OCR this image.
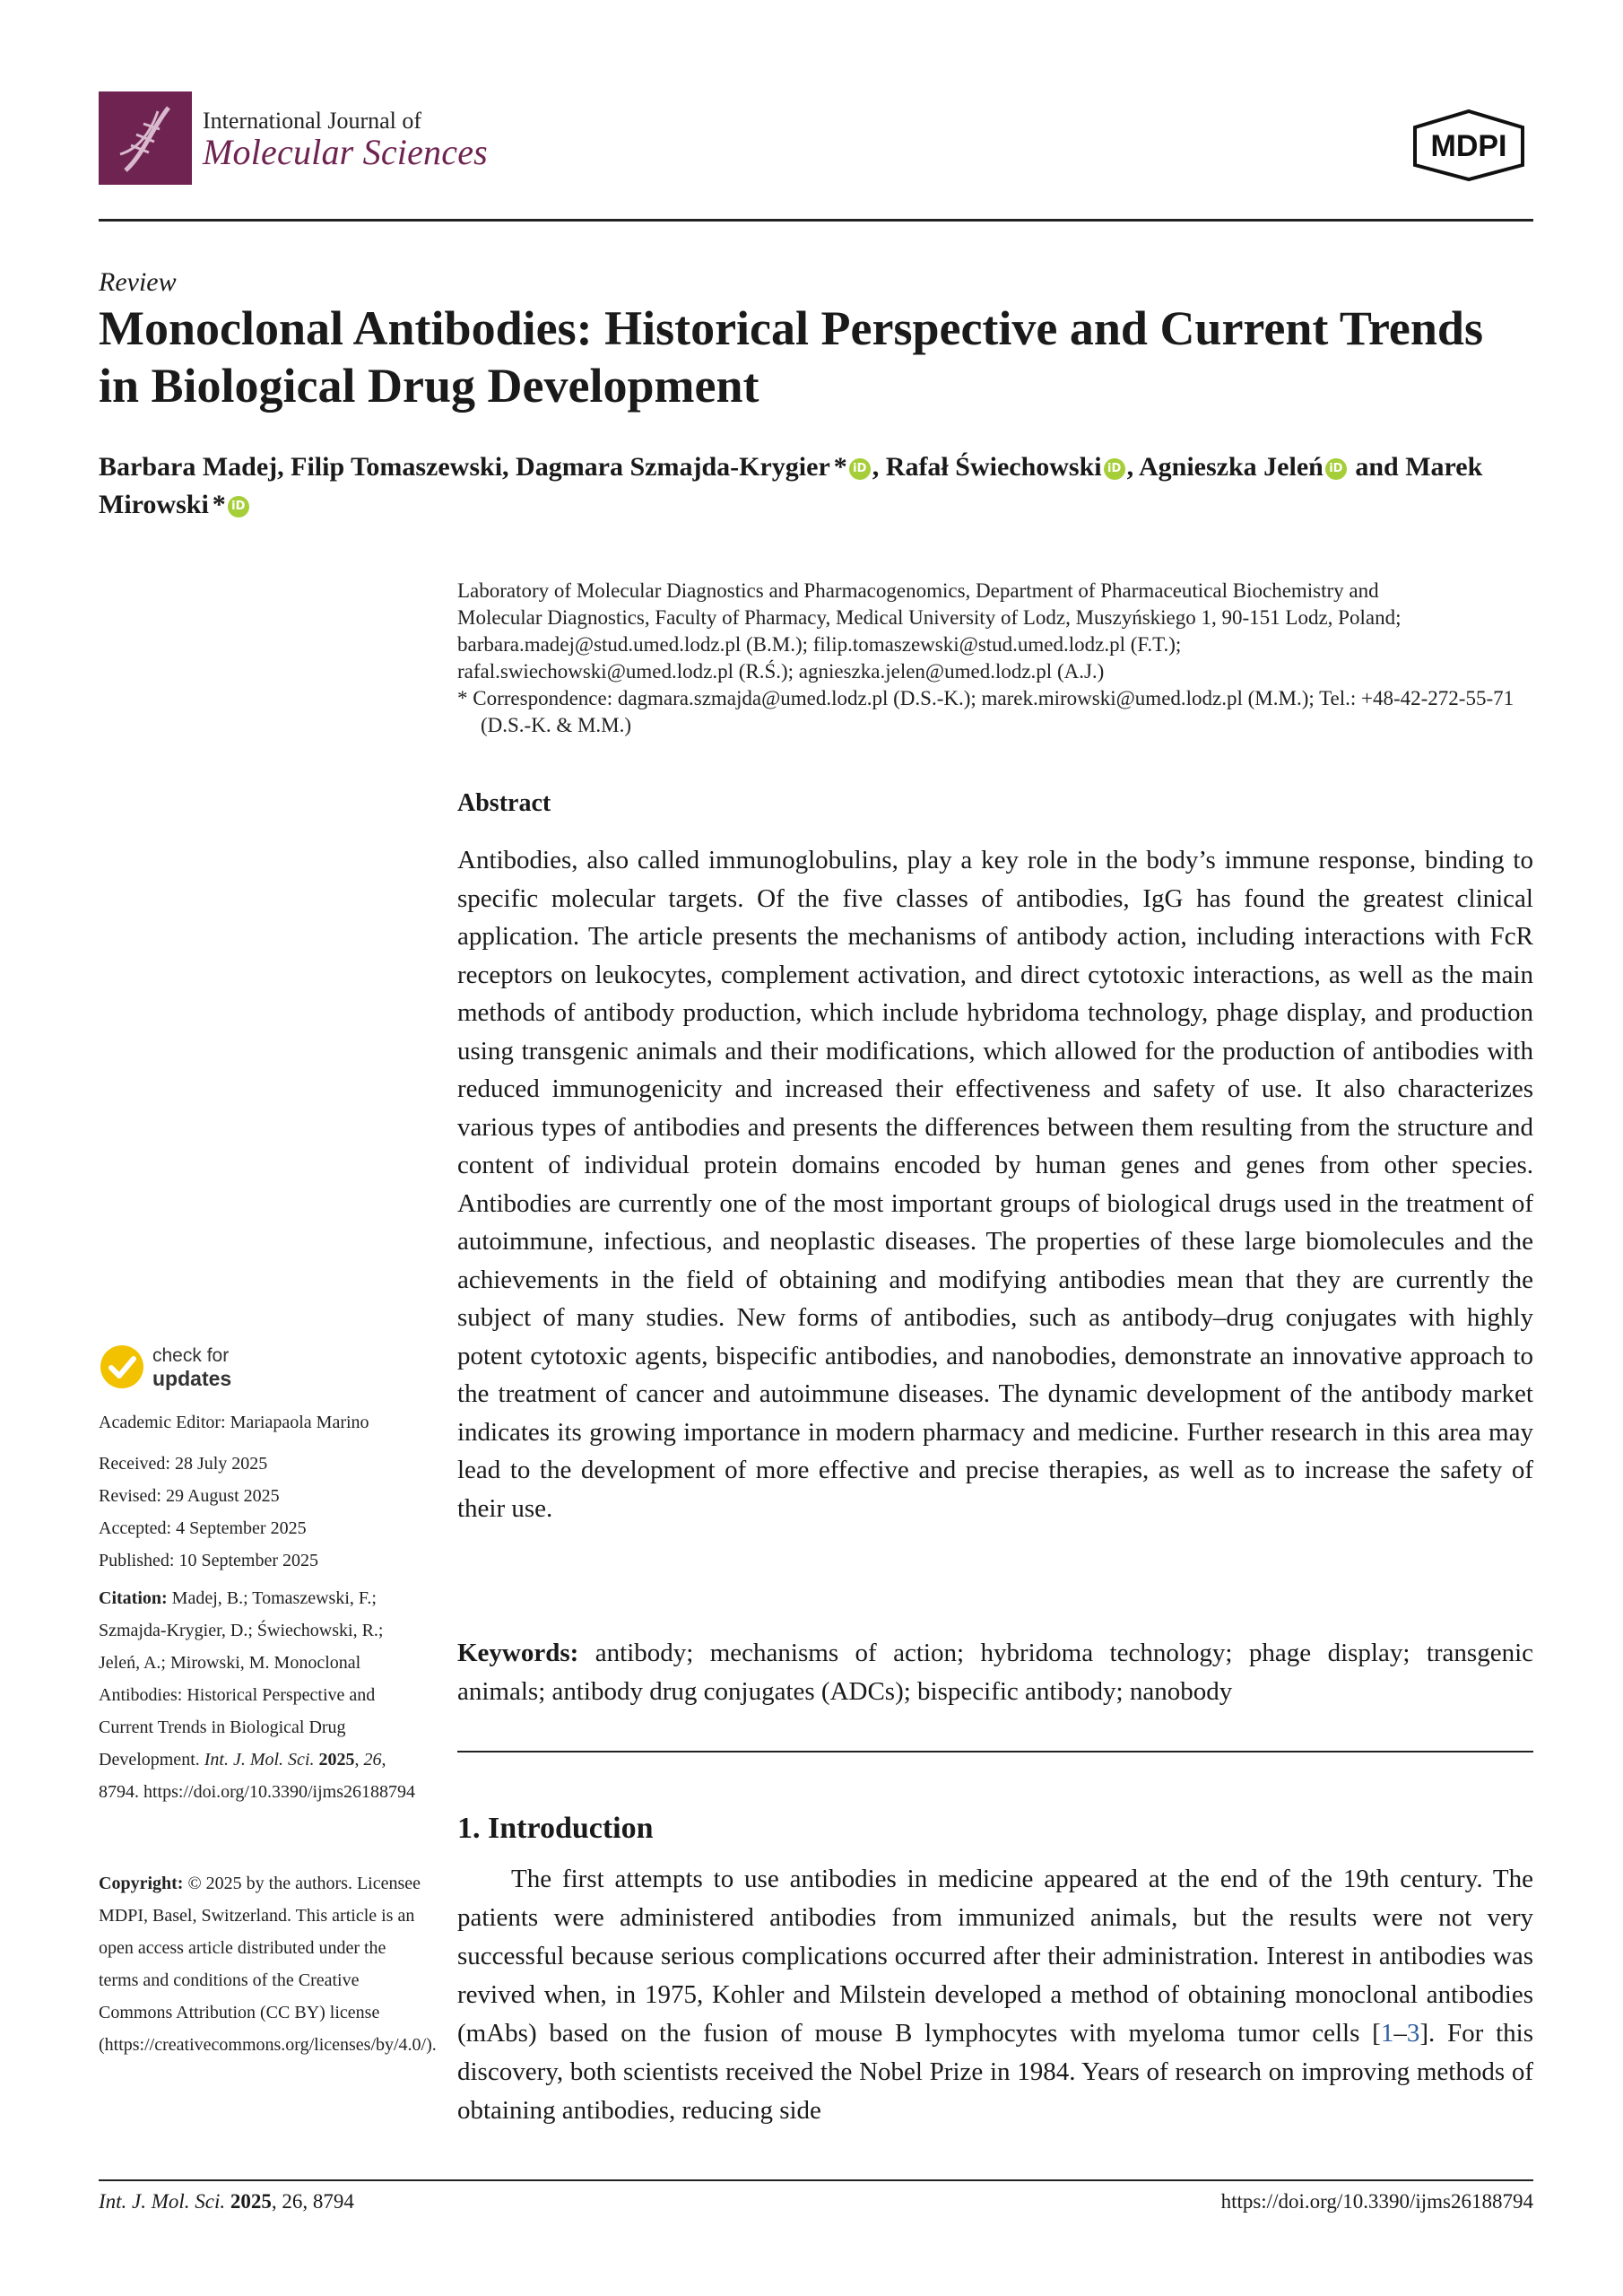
International Journal of
Molecular Sciences	MDPI
Review
Monoclonal Antibodies: Historical Perspective and Current Trends in Biological Drug Development
Barbara Madej, Filip Tomaszewski, Dagmara Szmajda-Krygier * iD , Rafał Świechowski iD , Agnieszka Jeleń iD and Marek Mirowski * iD
Laboratory of Molecular Diagnostics and Pharmacogenomics, Department of Pharmaceutical Biochemistry and
Molecular Diagnostics, Faculty of Pharmacy, Medical University of Lodz, Muszyńskiego 1, 90-151 Lodz, Poland;
barbara.madej@stud.umed.lodz.pl (B.M.); filip.tomaszewski@stud.umed.lodz.pl (F.T.);
rafal.swiechowski@umed.lodz.pl (R.Ś.); agnieszka.jelen@umed.lodz.pl (A.J.)
* Correspondence: dagmara.szmajda@umed.lodz.pl (D.S.-K.); marek.mirowski@umed.lodz.pl (M.M.); Tel.: +48-42-272-55-71 (D.S.-K. & M.M.)
Abstract
Antibodies, also called immunoglobulins, play a key role in the body’s immune response, binding to specific molecular targets. Of the five classes of antibodies, IgG has found the greatest clinical application. The article presents the mechanisms of antibody action, including interactions with FcR receptors on leukocytes, complement activation, and direct cytotoxic interactions, as well as the main methods of antibody production, which include hybridoma technology, phage display, and production using transgenic animals and their modifications, which allowed for the production of antibodies with reduced immunogenicity and increased their effectiveness and safety of use. It also characterizes various types of antibodies and presents the differences between them resulting from the structure and content of individual protein domains encoded by human genes and genes from other species. Antibodies are currently one of the most important groups of biological drugs used in the treatment of autoimmune, infectious, and neoplastic diseases. The properties of these large biomolecules and the achievements in the field of obtaining and modifying antibodies mean that they are currently the subject of many studies. New forms of antibodies, such as antibody–drug conjugates with highly potent cytotoxic agents, bispecific antibodies, and nanobodies, demonstrate an innovative approach to the treatment of cancer and autoimmune diseases. The dynamic development of the antibody market indicates its growing importance in modern pharmacy and medicine. Further research in this area may lead to the development of more effective and precise therapies, as well as to increase the safety of their use.
Keywords: antibody; mechanisms of action; hybridoma technology; phage display; transgenic animals; antibody drug conjugates (ADCs); bispecific antibody; nanobody
1. Introduction
The first attempts to use antibodies in medicine appeared at the end of the 19th century. The patients were administered antibodies from immunized animals, but the results were not very successful because serious complications occurred after their administration. Interest in antibodies was revived when, in 1975, Kohler and Milstein developed a method of obtaining monoclonal antibodies (mAbs) based on the fusion of mouse B lymphocytes with myeloma tumor cells [1–3]. For this discovery, both scientists received the Nobel Prize in 1984. Years of research on improving methods of obtaining antibodies, reducing side
check for
updates
Academic Editor: Mariapaola Marino
Received: 28 July 2025
Revised: 29 August 2025
Accepted: 4 September 2025
Published: 10 September 2025
Citation: Madej, B.; Tomaszewski, F.; Szmajda-Krygier, D.; Świechowski, R.; Jeleń, A.; Mirowski, M. Monoclonal Antibodies: Historical Perspective and Current Trends in Biological Drug Development. Int. J. Mol. Sci. 2025, 26, 8794. https://doi.org/10.3390/ijms26188794
Copyright: © 2025 by the authors. Licensee MDPI, Basel, Switzerland. This article is an open access article distributed under the terms and conditions of the Creative Commons Attribution (CC BY) license (https://creativecommons.org/licenses/by/4.0/).
Int. J. Mol. Sci. 2025, 26, 8794	https://doi.org/10.3390/ijms26188794
